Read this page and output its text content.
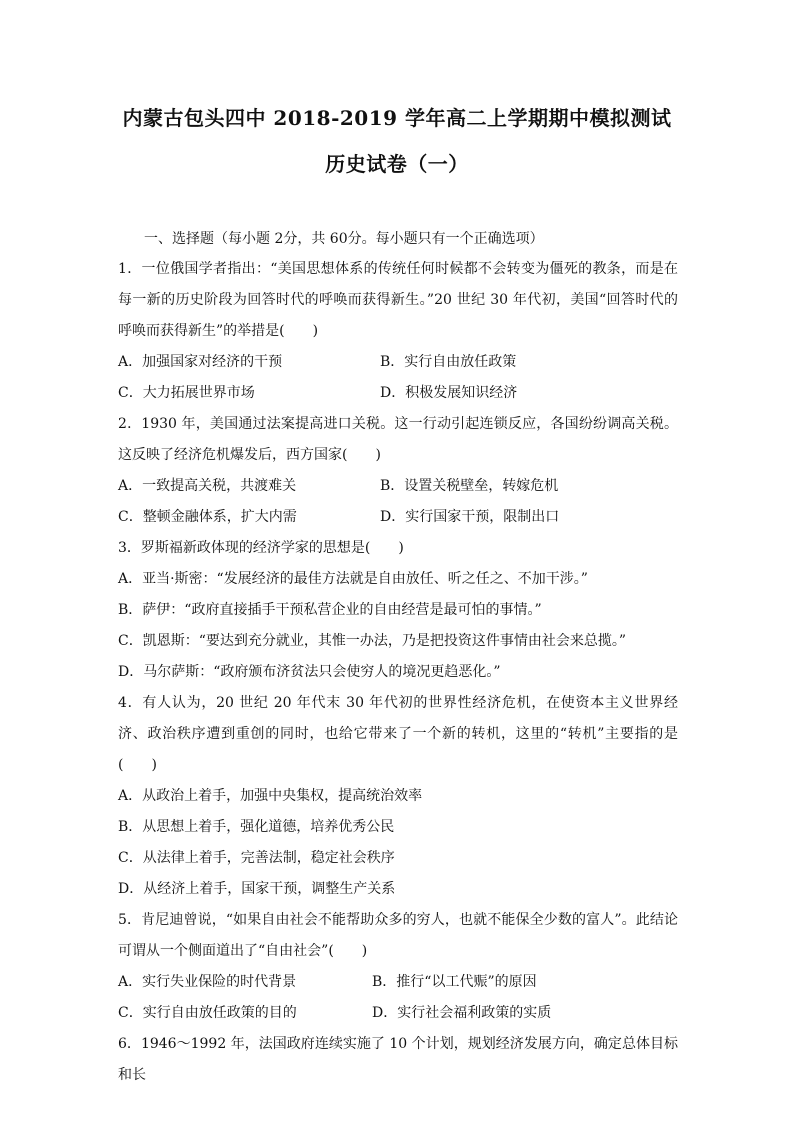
内蒙古包头四中 2018-2019 学年高二上学期期中模拟测试
历史试卷（一）
一、选择题（每小题 2分，共 60分。每小题只有一个正确选项）
1．一位俄国学者指出：“美国思想体系的传统任何时候都不会转变为僵死的教条，而是在每一新的历史阶段为回答时代的呼唤而获得新生。”20 世纪 30 年代初，美国“回答时代的呼唤而获得新生”的举措是(　　)
A．加强国家对经济的干预	B．实行自由放任政策
C．大力拓展世界市场	D．积极发展知识经济
2．1930 年，美国通过法案提高进口关税。这一行动引起连锁反应，各国纷纷调高关税。这反映了经济危机爆发后，西方国家(　　)
A．一致提高关税，共渡难关	B．设置关税壁垒，转嫁危机
C．整顿金融体系，扩大内需	D．实行国家干预，限制出口
3．罗斯福新政体现的经济学家的思想是(　　)
A．亚当·斯密：“发展经济的最佳方法就是自由放任、听之任之、不加干涉。”
B．萨伊：“政府直接插手干预私营企业的自由经营是最可怕的事情。”
C．凯恩斯：“要达到充分就业，其惟一办法，乃是把投资这件事情由社会来总揽。”
D．马尔萨斯：“政府颁布济贫法只会使穷人的境况更趋恶化。”
4．有人认为，20 世纪 20 年代末 30 年代初的世界性经济危机，在使资本主义世界经济、政治秩序遭到重创的同时，也给它带来了一个新的转机，这里的“转机”主要指的是(　　)
A．从政治上着手，加强中央集权，提高统治效率
B．从思想上着手，强化道德，培养优秀公民
C．从法律上着手，完善法制，稳定社会秩序
D．从经济上着手，国家干预，调整生产关系
5．肯尼迪曾说，“如果自由社会不能帮助众多的穷人，也就不能保全少数的富人”。此结论可谓从一个侧面道出了“自由社会”(　　)
A．实行失业保险的时代背景	B．推行“以工代赈”的原因
C．实行自由放任政策的目的	D．实行社会福利政策的实质
6．1946～1992 年，法国政府连续实施了 10 个计划，规划经济发展方向，确定总体目标和长
